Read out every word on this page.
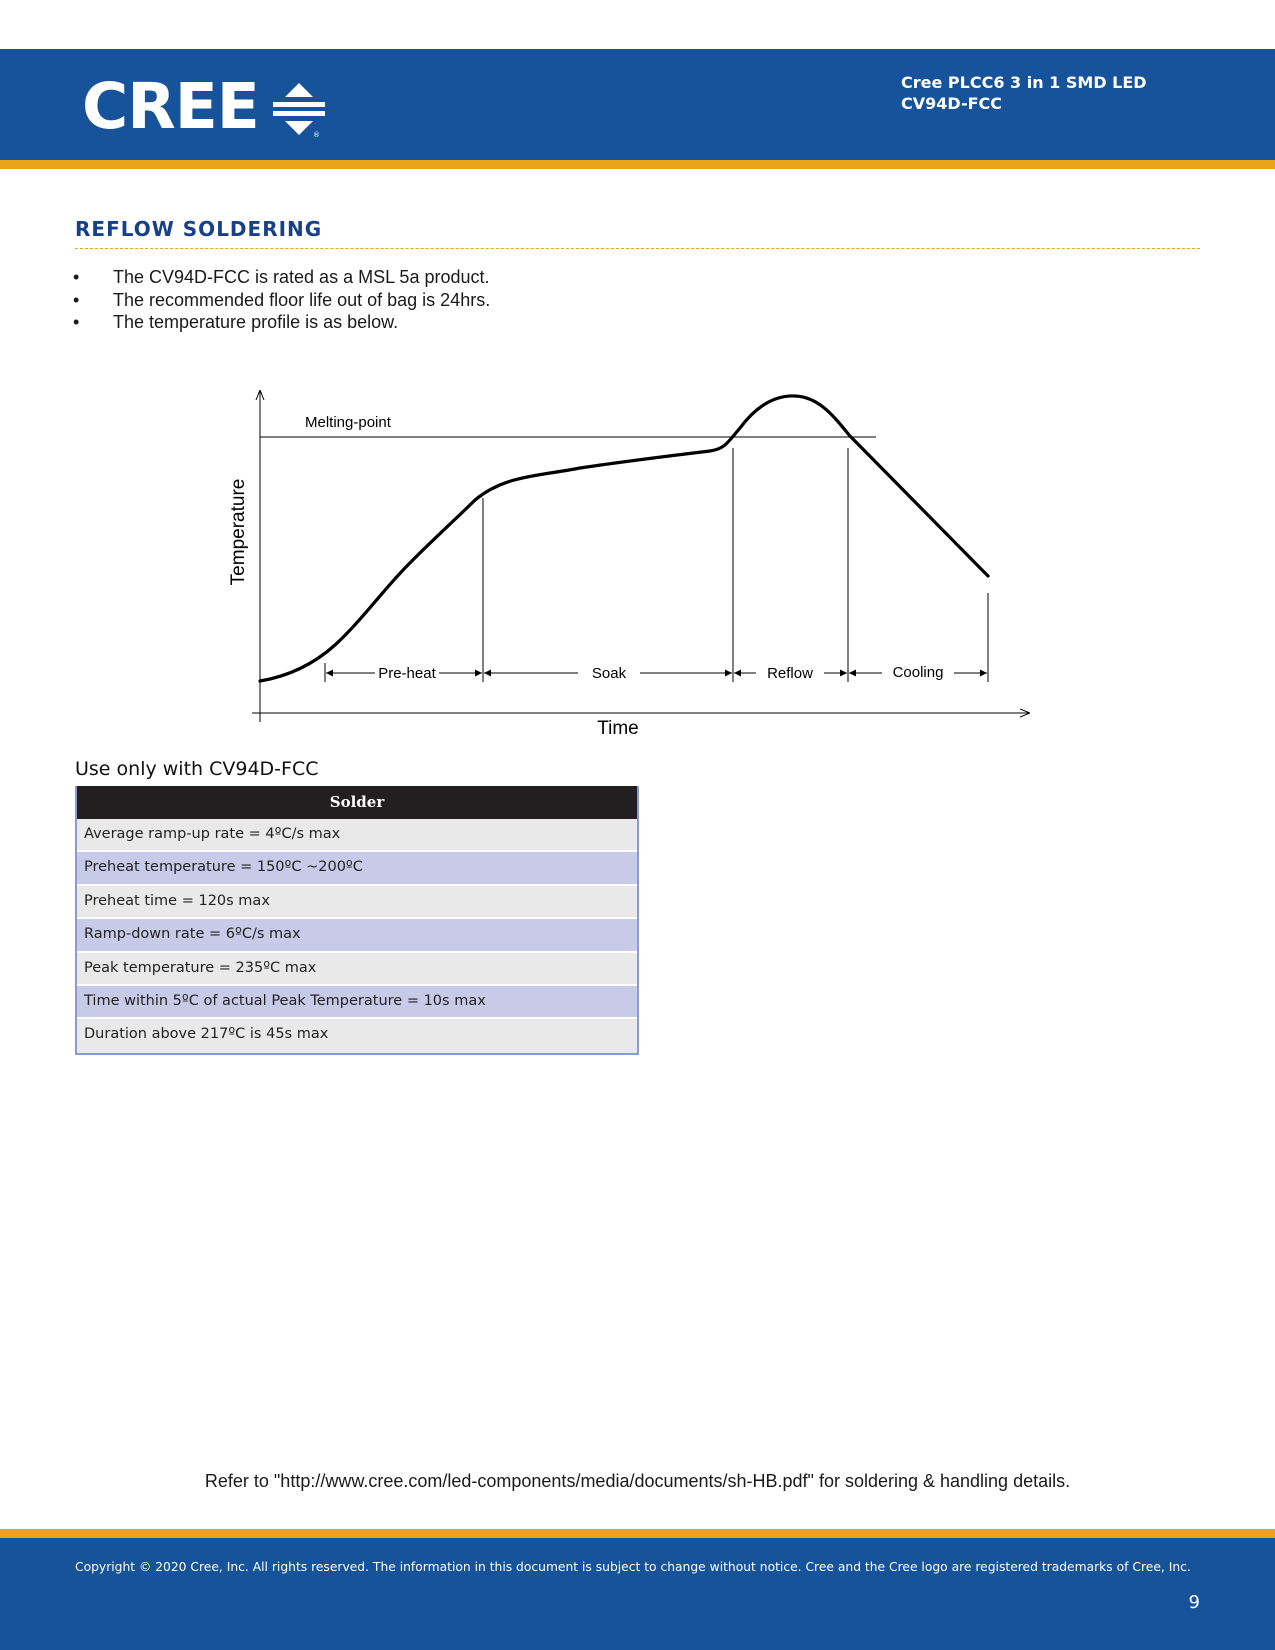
CREE	®
Cree PLCC6 3 in 1 SMD LED
CV94D-FCC
REFLOW SOLDERING
• The CV94D-FCC is rated as a MSL 5a product.
• The recommended floor life out of bag is 24hrs.
• The temperature profile is as below.
Melting-point
Pre-heat	Soak	Reflow	Cooling
Time
Temperature
Use only with CV94D-FCC
Solder
Average ramp-up rate = 4ºC/s max
Preheat temperature = 150ºC ~200ºC
Preheat time = 120s max
Ramp-down rate = 6ºC/s max
Peak temperature = 235ºC max
Time within 5ºC of actual Peak Temperature = 10s max
Duration above 217ºC is 45s max
Refer to "http://www.cree.com/led-components/media/documents/sh-HB.pdf" for soldering & handling details.
Copyright © 2020 Cree, Inc. All rights reserved. The information in this document is subject to change without notice. Cree and the Cree logo are registered trademarks of Cree, Inc.
9
